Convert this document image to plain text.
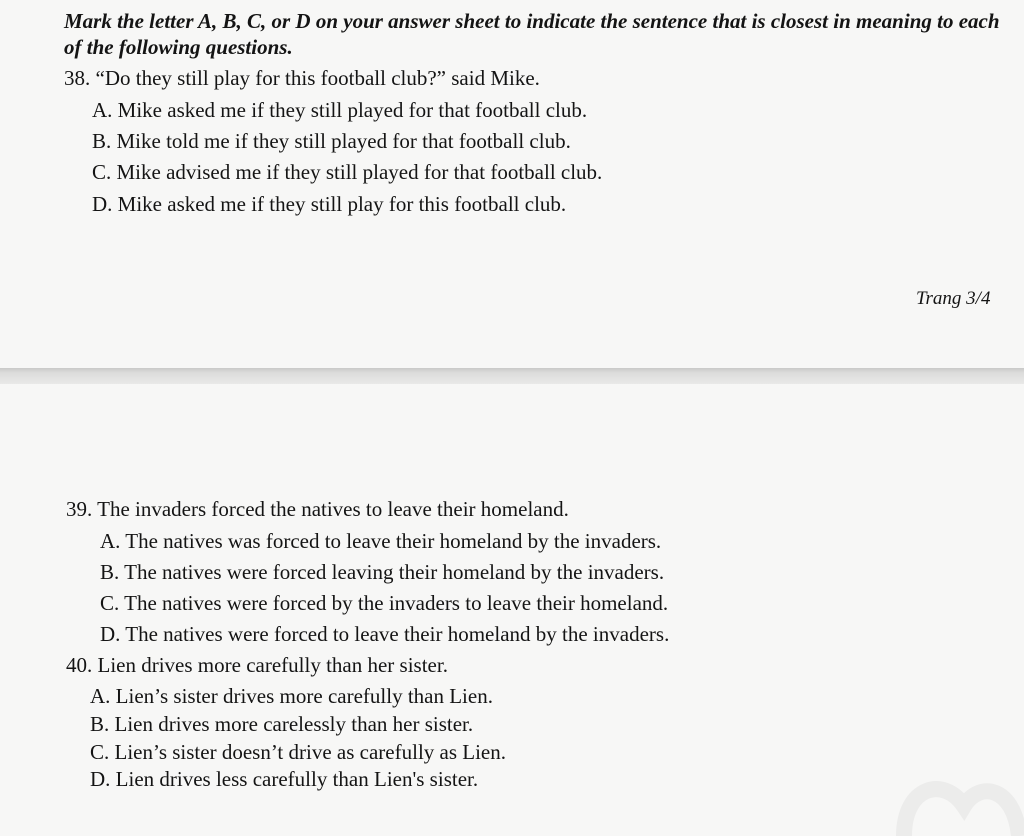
Mark the letter A, B, C, or D on your answer sheet to indicate the sentence that is closest in meaning to each of the following questions.

38. “Do they still play for this football club?” said Mike.

A. Mike asked me if they still played for that football club.

B. Mike told me if they still played for that football club.

C. Mike advised me if they still played for that football club.

D. Mike asked me if they still play for this football club.

Trang 3/4

39. The invaders forced the natives to leave their homeland.

A. The natives was forced to leave their homeland by the invaders.

B. The natives were forced leaving their homeland by the invaders.

C. The natives were forced by the invaders to leave their homeland.

D. The natives were forced to leave their homeland by the invaders.

40. Lien drives more carefully than her sister.

A. Lien’s sister drives more carefully than Lien.

B. Lien drives more carelessly than her sister.

C. Lien’s sister doesn’t drive as carefully as Lien.

D. Lien drives less carefully than Lien's sister.
